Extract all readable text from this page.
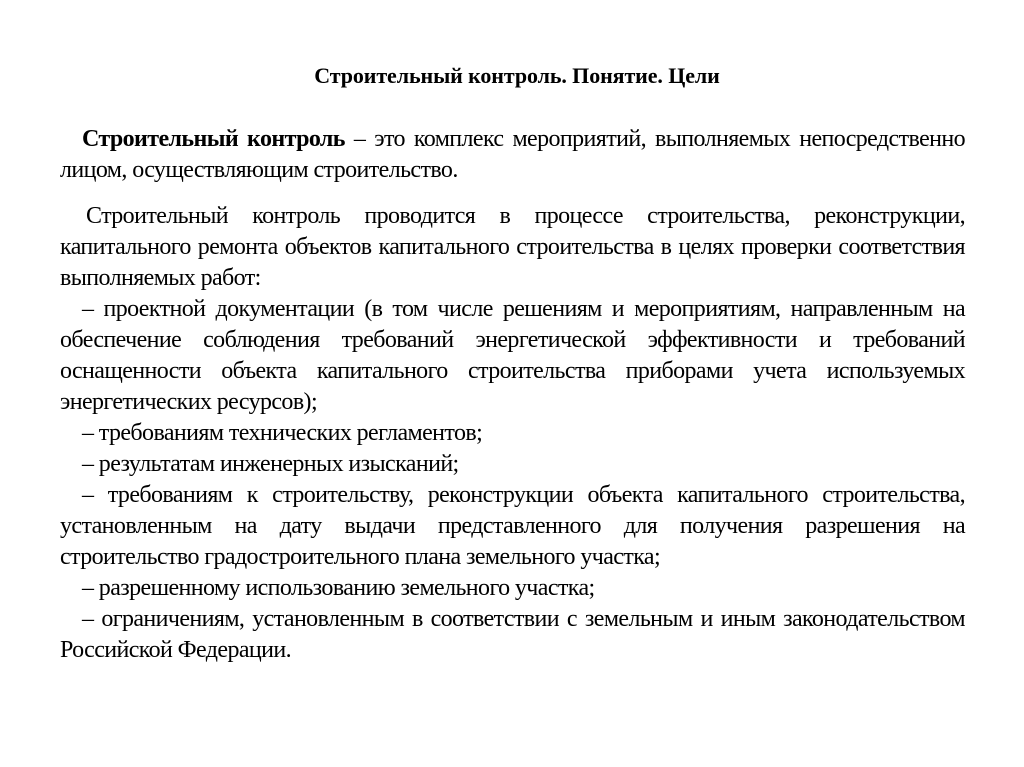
Строительный контроль. Понятие. Цели

Строительный контроль – это комплекс мероприятий, выполняемых непосредственно лицом, осуществляющим строительство.

Строительный контроль проводится в процессе строительства, реконструкции, капитального ремонта объектов капитального строительства в целях проверки соответствия выполняемых работ:

– проектной документации (в том числе решениям и мероприятиям, направленным на обеспечение соблюдения требований энергетической эффективности и требований оснащенности объекта капитального строительства приборами учета используемых энергетических ресурсов);

– требованиям технических регламентов;

– результатам инженерных изысканий;

– требованиям к строительству, реконструкции объекта капитального строительства, установленным на дату выдачи представленного для получения разрешения на строительство градостроительного плана земельного участка;

– разрешенному использованию земельного участка;

– ограничениям, установленным в соответствии с земельным и иным законодательством Российской Федерации.
